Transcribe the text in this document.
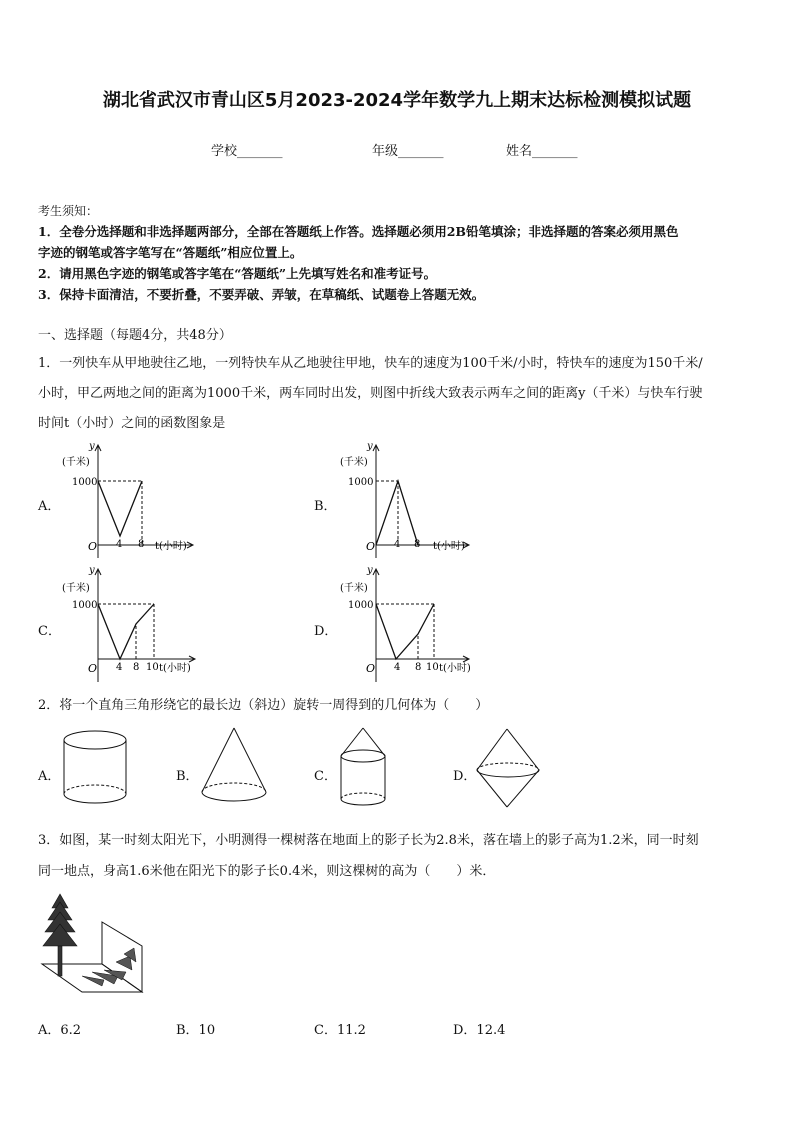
湖北省武汉市青山区5月2023-2024学年数学九上期末达标检测模拟试题
学校_______	年级_______	姓名_______
考生须知：
1．全卷分选择题和非选择题两部分，全部在答题纸上作答。选择题必须用2B铅笔填涂；非选择题的答案必须用黑色
字迹的钢笔或答字笔写在“答题纸”相应位置上。
2．请用黑色字迹的钢笔或答字笔在“答题纸”上先填写姓名和准考证号。
3．保持卡面清洁，不要折叠，不要弄破、弄皱，在草稿纸、试题卷上答题无效。
一、选择题（每题4分，共48分）
1．一列快车从甲地驶往乙地，一列特快车从乙地驶往甲地，快车的速度为100千米/小时，特快车的速度为150千米/
小时，甲乙两地之间的距离为1000千米，两车同时出发，则图中折线大致表示两车之间的距离y（千米）与快车行驶
时间t（小时）之间的函数图象是
A．	B．
C．	D．
y
(千米)
1000
O 4 8 t(小时)
y
(千米)
1000
O 4 8 t(小时)
y
(千米)
1000
O 4 8 10 t(小时)
y
(千米)
1000
O 4 8 10 t(小时)
2．将一个直角三角形绕它的最长边（斜边）旋转一周得到的几何体为（　　）
A．	B．	C．	D．
3．如图，某一时刻太阳光下，小明测得一棵树落在地面上的影子长为2.8米，落在墙上的影子高为1.2米，同一时刻
同一地点，身高1.6米他在阳光下的影子长0.4米，则这棵树的高为（　　）米．
A．6.2	B．10	C．11.2	D．12.4
